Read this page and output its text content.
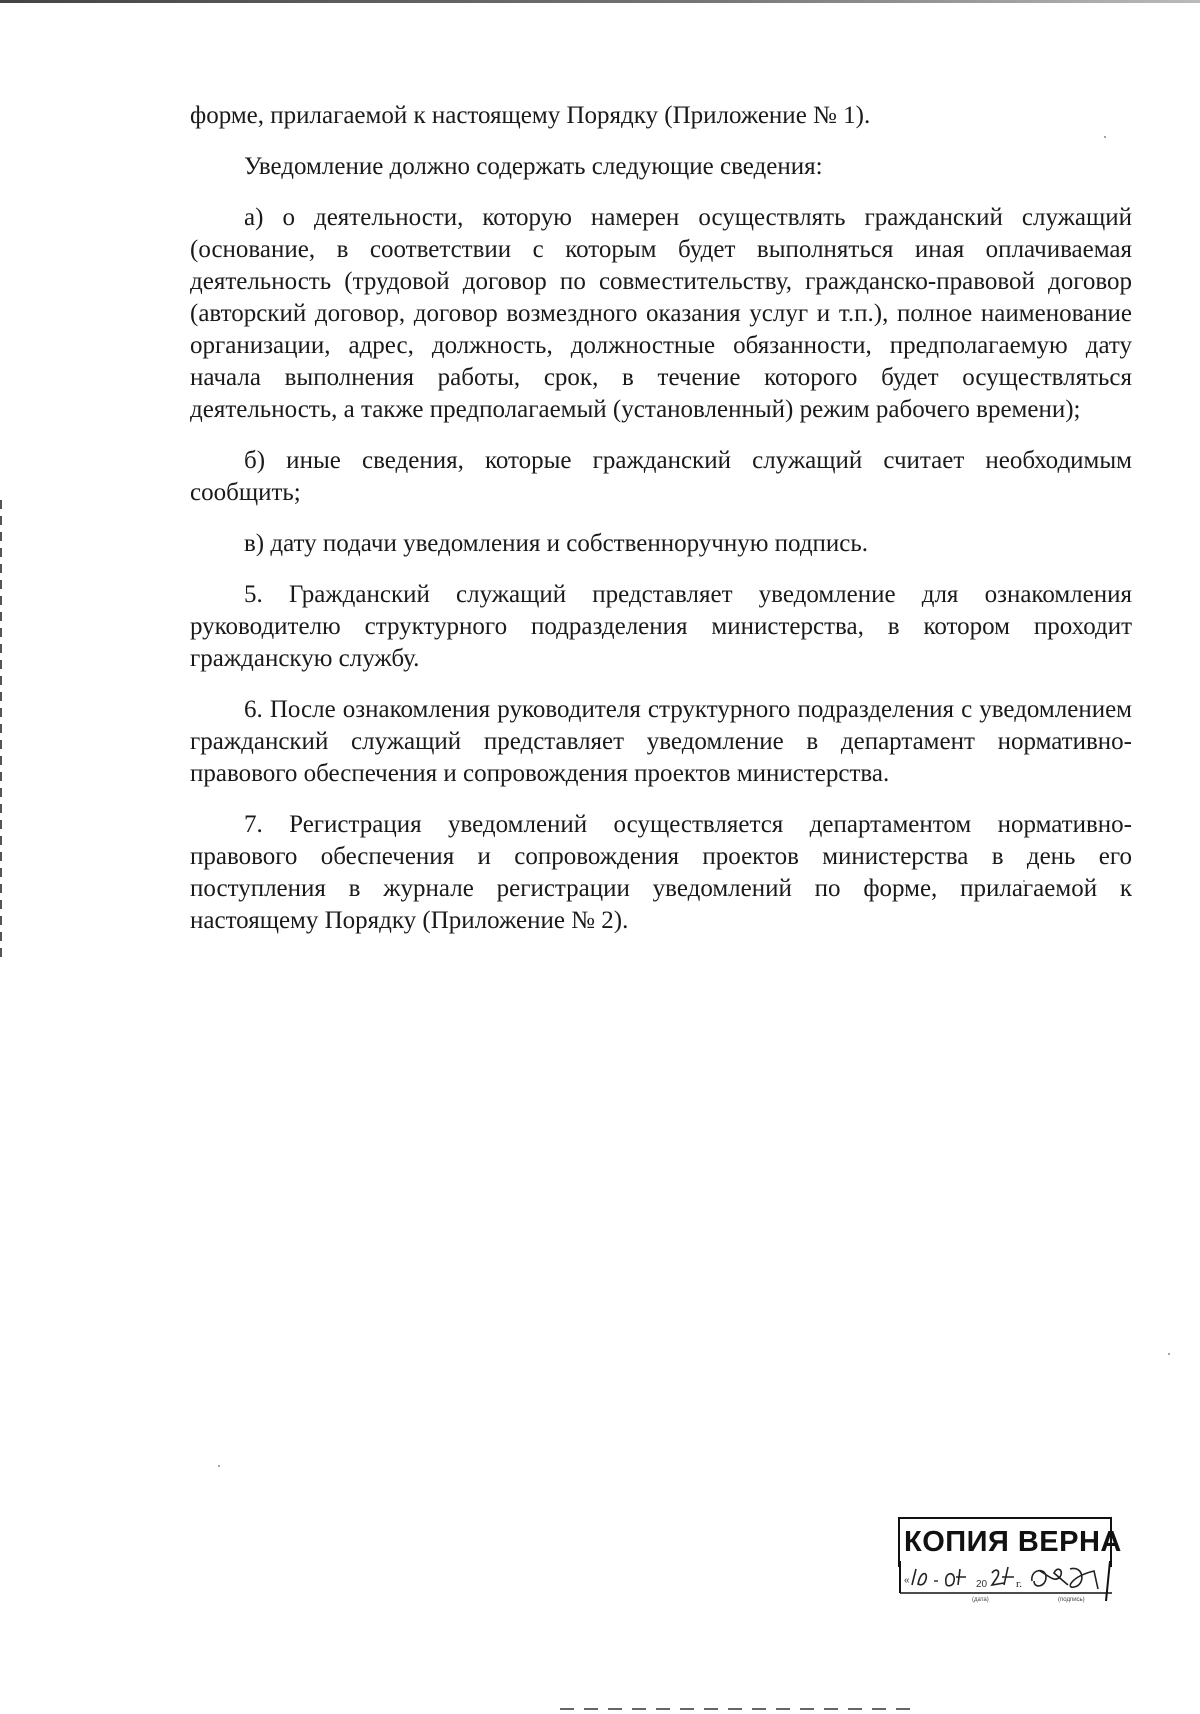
форме, прилагаемой к настоящему Порядку (Приложение № 1).

Уведомление должно содержать следующие сведения:

а) о деятельности, которую намерен осуществлять гражданский служащий (основание, в соответствии с которым будет выполняться иная оплачиваемая деятельность (трудовой договор по совместительству, гражданско-правовой договор (авторский договор, договор возмездного оказания услуг и т.п.), полное наименование организации, адрес, должность, должностные обязанности, предполагаемую дату начала выполнения работы, срок, в течение которого будет осуществляться деятельность, а также предполагаемый (установленный) режим рабочего времени);

б) иные сведения, которые гражданский служащий считает необходимым сообщить;

в) дату подачи уведомления и собственноручную подпись.

5. Гражданский служащий представляет уведомление для ознакомления руководителю структурного подразделения министерства, в котором проходит гражданскую службу.

6. После ознакомления руководителя структурного подразделения с уведомлением гражданский служащий представляет уведомление в департамент нормативно-правового обеспечения и сопровождения проектов министерства.

7. Регистрация уведомлений осуществляется департаментом нормативно-правового обеспечения и сопровождения проектов министерства в день его поступления в журнале регистрации уведомлений по форме, прилагаемой к настоящему Порядку (Приложение № 2).

КОПИЯ ВЕРНА
«	20	г.
(дата)	(подпись)
